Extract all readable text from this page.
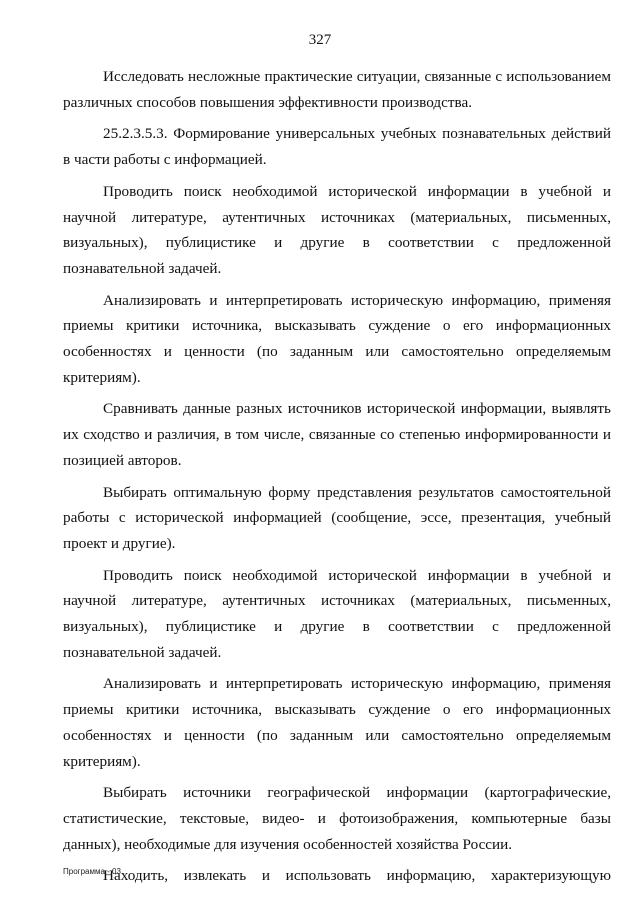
327

Исследовать несложные практические ситуации, связанные с использованием различных способов повышения эффективности производства.

25.2.3.5.3. Формирование универсальных учебных познавательных действий в части работы с информацией.

Проводить поиск необходимой исторической информации в учебной и научной литературе, аутентичных источниках (материальных, письменных, визуальных), публицистике и другие в соответствии с предложенной познавательной задачей.

Анализировать и интерпретировать историческую информацию, применяя приемы критики источника, высказывать суждение о его информационных особенностях и ценности (по заданным или самостоятельно определяемым критериям).

Сравнивать данные разных источников исторической информации, выявлять их сходство и различия, в том числе, связанные со степенью информированности и позицией авторов.

Выбирать оптимальную форму представления результатов самостоятельной работы с исторической информацией (сообщение, эссе, презентация, учебный проект и другие).

Проводить поиск необходимой исторической информации в учебной и научной литературе, аутентичных источниках (материальных, письменных, визуальных), публицистике и другие в соответствии с предложенной познавательной задачей.

Анализировать и интерпретировать историческую информацию, применяя приемы критики источника, высказывать суждение о его информационных особенностях и ценности (по заданным или самостоятельно определяемым критериям).

Выбирать источники географической информации (картографические, статистические, текстовые, видео- и фотоизображения, компьютерные базы данных), необходимые для изучения особенностей хозяйства России.

Находить, извлекать и использовать информацию, характеризующую

Программа - 03
